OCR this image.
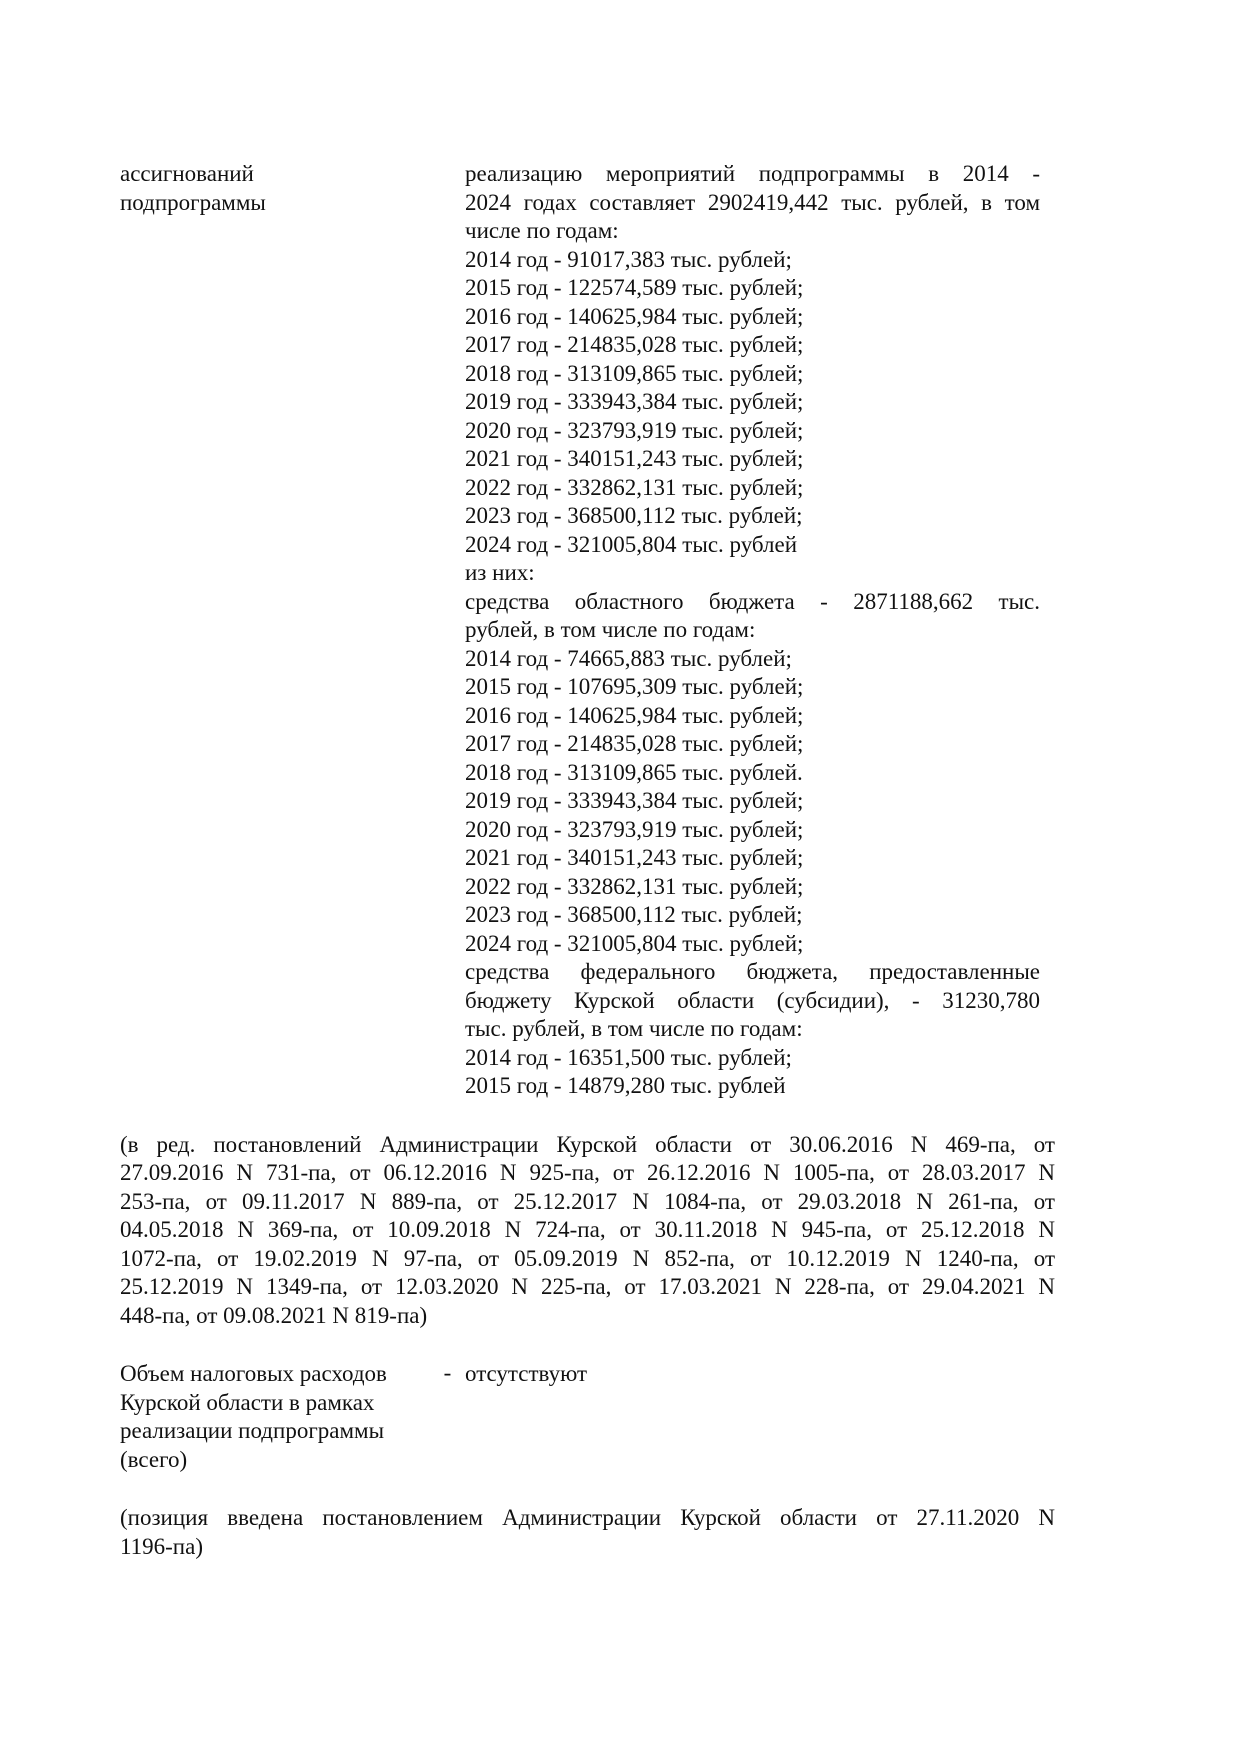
ассигнований
подпрограммы
реализацию мероприятий подпрограммы в 2014 -
2024 годах составляет 2902419,442 тыс. рублей, в том
числе по годам:
2014 год - 91017,383 тыс. рублей;
2015 год - 122574,589 тыс. рублей;
2016 год - 140625,984 тыс. рублей;
2017 год - 214835,028 тыс. рублей;
2018 год - 313109,865 тыс. рублей;
2019 год - 333943,384 тыс. рублей;
2020 год - 323793,919 тыс. рублей;
2021 год - 340151,243 тыс. рублей;
2022 год - 332862,131 тыс. рублей;
2023 год - 368500,112 тыс. рублей;
2024 год - 321005,804 тыс. рублей
из них:
средства областного бюджета - 2871188,662 тыс.
рублей, в том числе по годам:
2014 год - 74665,883 тыс. рублей;
2015 год - 107695,309 тыс. рублей;
2016 год - 140625,984 тыс. рублей;
2017 год - 214835,028 тыс. рублей;
2018 год - 313109,865 тыс. рублей.
2019 год - 333943,384 тыс. рублей;
2020 год - 323793,919 тыс. рублей;
2021 год - 340151,243 тыс. рублей;
2022 год - 332862,131 тыс. рублей;
2023 год - 368500,112 тыс. рублей;
2024 год - 321005,804 тыс. рублей;
средства федерального бюджета, предоставленные
бюджету Курской области (субсидии), - 31230,780
тыс. рублей, в том числе по годам:
2014 год - 16351,500 тыс. рублей;
2015 год - 14879,280 тыс. рублей
(в ред. постановлений Администрации Курской области от 30.06.2016 N 469-па, от
27.09.2016 N 731-па, от 06.12.2016 N 925-па, от 26.12.2016 N 1005-па, от 28.03.2017 N
253-па, от 09.11.2017 N 889-па, от 25.12.2017 N 1084-па, от 29.03.2018 N 261-па, от
04.05.2018 N 369-па, от 10.09.2018 N 724-па, от 30.11.2018 N 945-па, от 25.12.2018 N
1072-па, от 19.02.2019 N 97-па, от 05.09.2019 N 852-па, от 10.12.2019 N 1240-па, от
25.12.2019 N 1349-па, от 12.03.2020 N 225-па, от 17.03.2021 N 228-па, от 29.04.2021 N
448-па, от 09.08.2021 N 819-па)
Объем налоговых расходов
Курской области в рамках
реализации подпрограммы
(всего)
- отсутствуют
(позиция введена постановлением Администрации Курской области от 27.11.2020 N
1196-па)
